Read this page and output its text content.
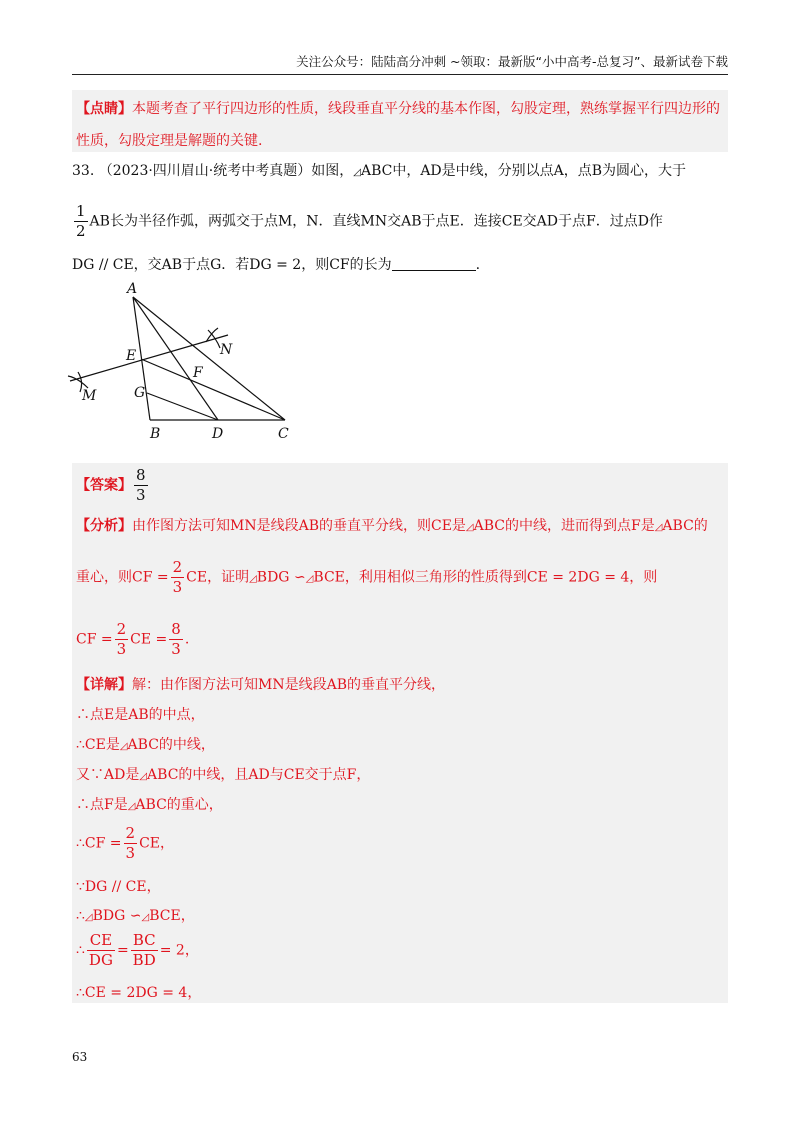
关注公众号：陆陆高分冲刺 ~领取：最新版“小中高考-总复习”、最新试卷下载
【点睛】本题考查了平行四边形的性质，线段垂直平分线的基本作图，勾股定理，熟练掌握平行四边形的
性质，勾股定理是解题的关键.
33. （2023·四川眉山·统考中考真题）如图，◿ABC中，AD是中线，分别以点A，点B为圆心，大于
$\frac{1}{2}$ AB长为半径作弧，两弧交于点M，N．直线MN交AB于点E．连接CE交AD于点F．过点D作
DG // CE，交AB于点G．若DG = 2，则CF的长为	.
A
E	N
F
G
M
B	D	C
【答案】 $\frac{8}{3}$
【分析】由作图方法可知MN是线段AB的垂直平分线，则CE是◿ABC的中线，进而得到点F是◿ABC的
重心，则CF = $\frac{2}{3}$ CE，证明◿BDG ∽◿BCE，利用相似三角形的性质得到CE = 2DG = 4，则
CF = $\frac{2}{3}$ CE = $\frac{8}{3}$ .
【详解】解：由作图方法可知MN是线段AB的垂直平分线，
∴点E是AB的中点，
∴CE是◿ABC的中线，
又∵AD是◿ABC的中线，且AD与CE交于点F，
∴点F是◿ABC的重心，
∴CF = $\frac{2}{3}$ CE，
∵DG // CE，
∴◿BDG ∽◿BCE，
∴ $\frac{CE}{DG} = \frac{BC}{BD} = 2$，
∴CE = 2DG = 4，
63
